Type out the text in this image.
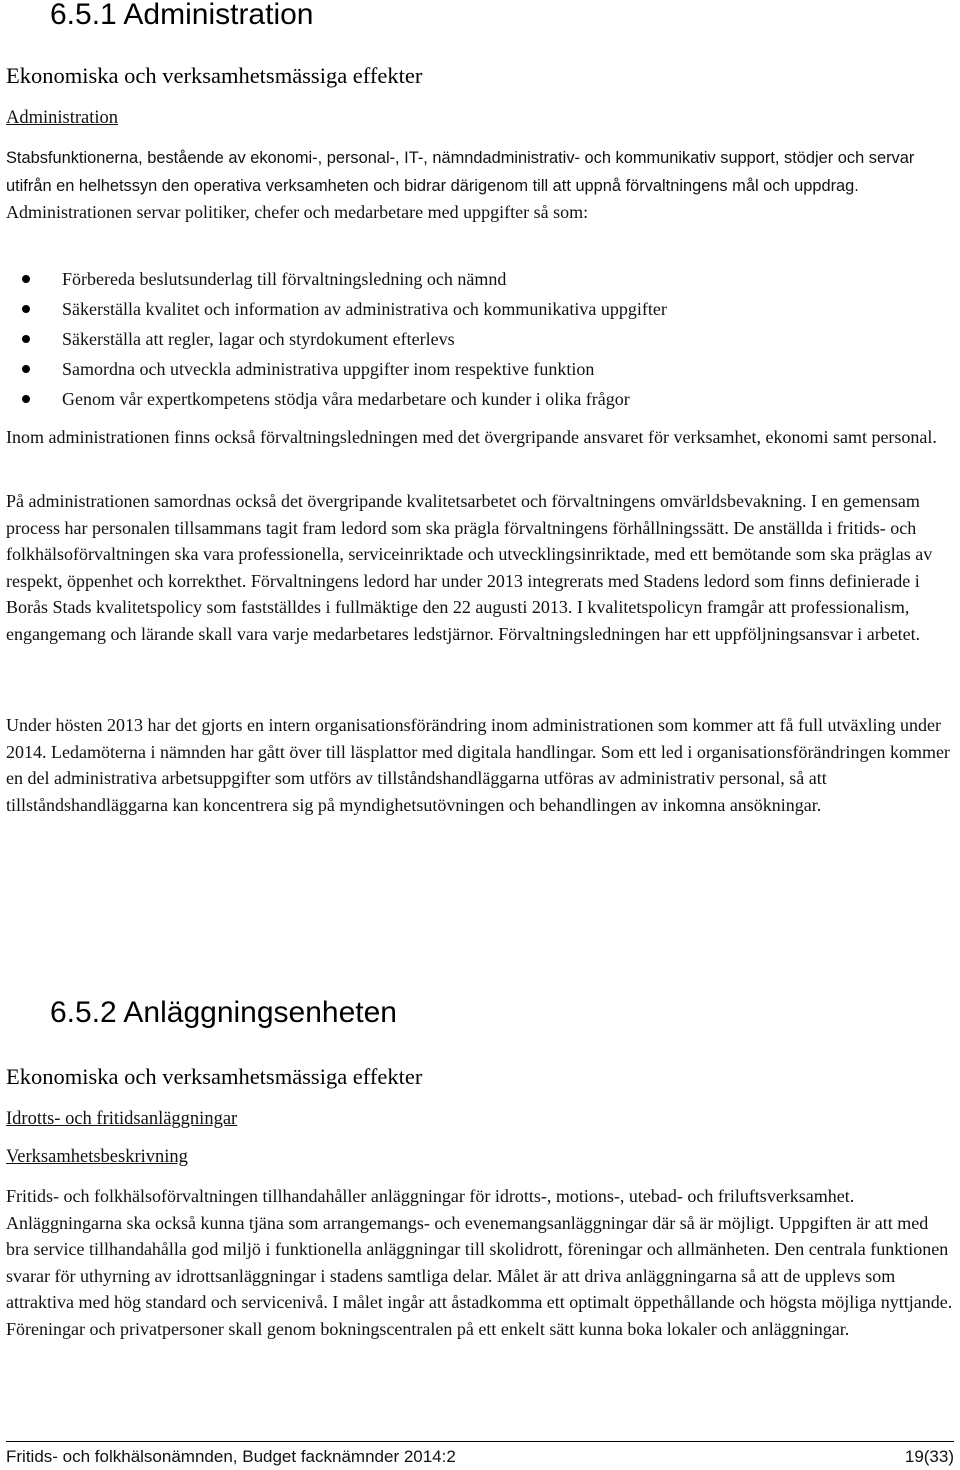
6.5.1 Administration
Ekonomiska och verksamhetsmässiga effekter
Administration
Stabsfunktionerna, bestående av ekonomi-, personal-, IT-, nämndadministrativ- och kommunikativ support, stödjer och servar utifrån en helhetssyn den operativa verksamheten och bidrar därigenom till att uppnå förvaltningens mål och uppdrag. Administrationen servar politiker, chefer och medarbetare med uppgifter så som:
Förbereda beslutsunderlag till förvaltningsledning och nämnd
Säkerställa kvalitet och information av administrativa och kommunikativa uppgifter
Säkerställa att regler, lagar och styrdokument efterlevs
Samordna och utveckla administrativa uppgifter inom respektive funktion
Genom vår expertkompetens stödja våra medarbetare och kunder i olika frågor

Inom administrationen finns också förvaltningsledningen med det övergripande ansvaret för verksamhet, ekonomi samt personal.

På administrationen samordnas också det övergripande kvalitetsarbetet och förvaltningens omvärldsbevakning. I en gemensam process har personalen tillsammans tagit fram ledord som ska prägla förvaltningens förhållningssätt. De anställda i fritids- och folkhälsoförvaltningen ska vara professionella, serviceinriktade och utvecklingsinriktade, med ett bemötande som ska präglas av respekt, öppenhet och korrekthet. Förvaltningens ledord har under 2013 integrerats med Stadens ledord som finns definierade i Borås Stads kvalitetspolicy som fastställdes i fullmäktige den 22 augusti 2013. I kvalitetspolicyn framgår att professionalism, engangemang och lärande skall vara varje medarbetares ledstjärnor. Förvaltningsledningen har ett uppföljningsansvar i arbetet.

Under hösten 2013 har det gjorts en intern organisationsförändring inom administrationen som kommer att få full utväxling under 2014. Ledamöterna i nämnden har gått över till läsplattor med digitala handlingar. Som ett led i organisationsförändringen kommer en del administrativa arbetsuppgifter som utförs av tillståndshandläggarna utföras av administrativ personal, så att tillståndshandläggarna kan koncentrera sig på myndighetsutövningen och behandlingen av inkomna ansökningar.

6.5.2 Anläggningsenheten
Ekonomiska och verksamhetsmässiga effekter
Idrotts- och fritidsanläggningar
Verksamhetsbeskrivning

Fritids- och folkhälsoförvaltningen tillhandahåller anläggningar för idrotts-, motions-, utebad- och friluftsverksamhet. Anläggningarna ska också kunna tjäna som arrangemangs- och evenemangsanläggningar där så är möjligt. Uppgiften är att med bra service tillhandahålla god miljö i funktionella anläggningar till skolidrott, föreningar och allmänheten. Den centrala funktionen svarar för uthyrning av idrottsanläggningar i stadens samtliga delar. Målet är att driva anläggningarna så att de upplevs som attraktiva med hög standard och servicenivå. I målet ingår att åstadkomma ett optimalt öppethållande och högsta möjliga nyttjande. Föreningar och privatpersoner skall genom bokningscentralen på ett enkelt sätt kunna boka lokaler och anläggningar.

Fritids- och folkhälsonämnden, Budget facknämnder 2014:2	19(33)
